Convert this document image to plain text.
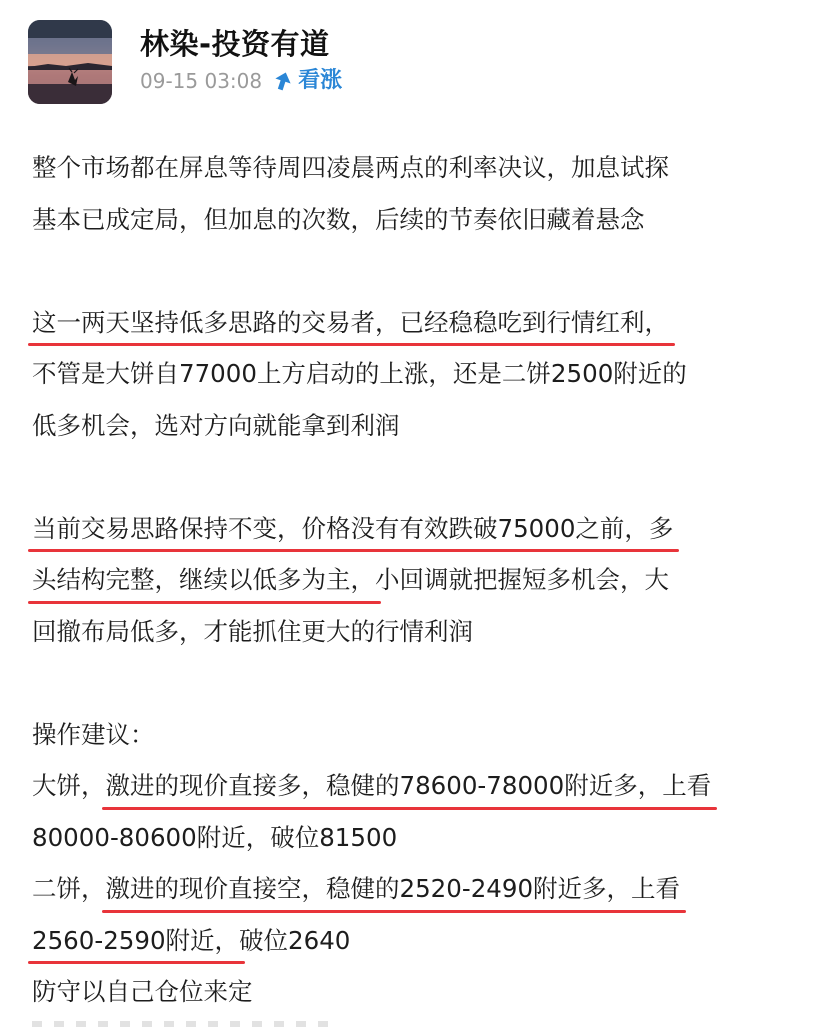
林染-投资有道
09-15 03:08 看涨
整个市场都在屏息等待周四凌晨两点的利率决议，加息试探
基本已成定局，但加息的次数，后续的节奏依旧藏着悬念
这一两天坚持低多思路的交易者，已经稳稳吃到行情红利，
不管是大饼自77000上方启动的上涨，还是二饼2500附近的
低多机会，选对方向就能拿到利润
当前交易思路保持不变，价格没有有效跌破75000之前，多
头结构完整，继续以低多为主，小回调就把握短多机会，大
回撤布局低多，才能抓住更大的行情利润
操作建议：
大饼，激进的现价直接多，稳健的78600-78000附近多，上看
80000-80600附近，破位81500
二饼，激进的现价直接空，稳健的2520-2490附近多，上看
2560-2590附近，破位2640
防守以自己仓位来定
